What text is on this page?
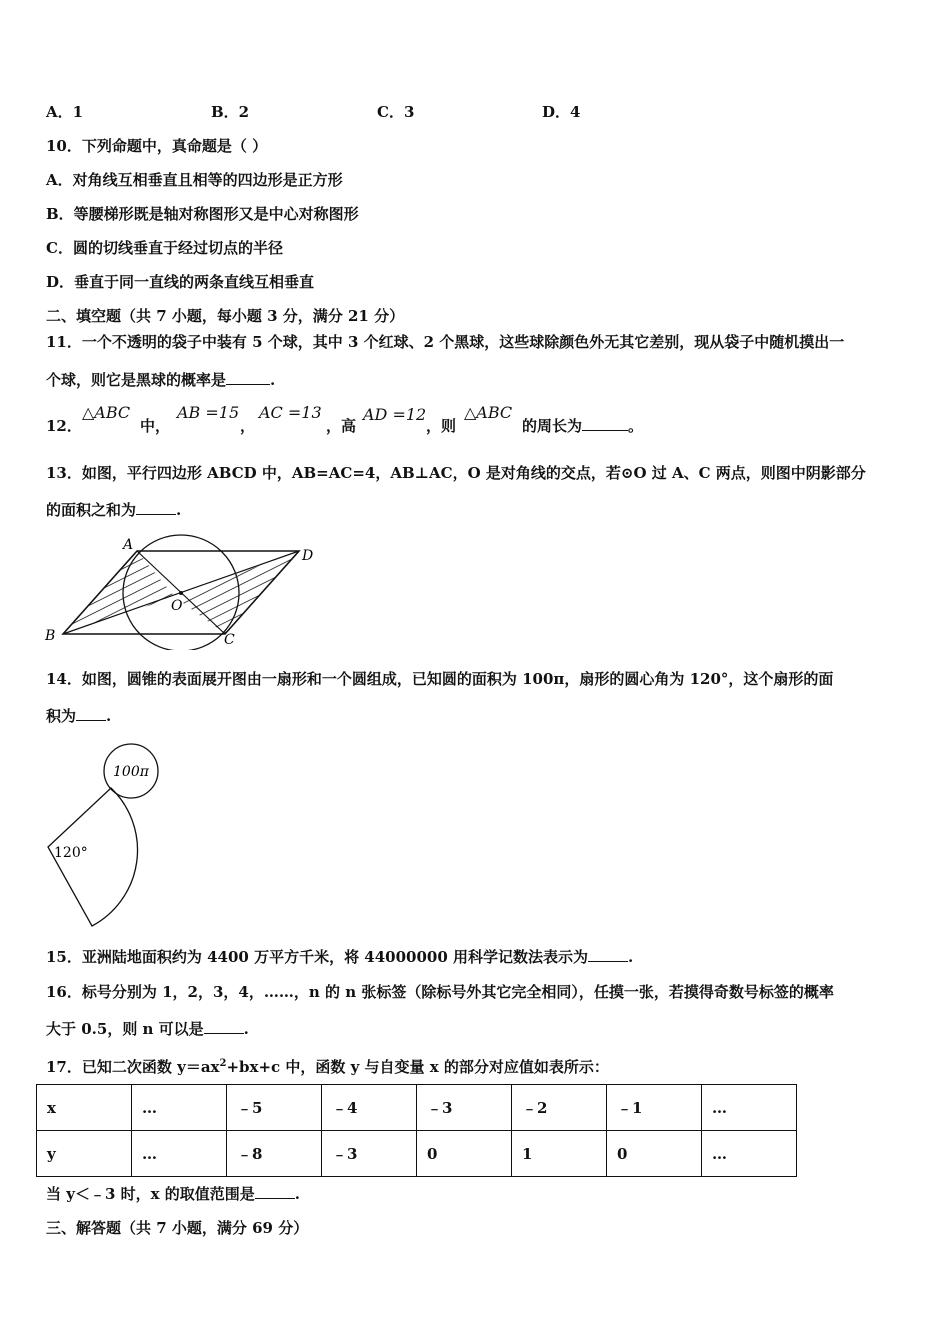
A．1	B．2	C．3	D．4
10．下列命题中，真命题是（ ）
A．对角线互相垂直且相等的四边形是正方形
B．等腰梯形既是轴对称图形又是中心对称图形
C．圆的切线垂直于经过切点的半径
D．垂直于同一直线的两条直线互相垂直
二、填空题（共 7 小题，每小题 3 分，满分 21 分）
11．一个不透明的袋子中装有 5 个球，其中 3 个红球、2 个黑球，这些球除颜色外无其它差别，现从袋子中随机摸出一
个球，则它是黑球的概率是	.
12．
△ABC
中，
AB =15
，
AC =13
，高
AD =12
，则
△ABC
的周长为	。
13．如图，平行四边形 ABCD 中，AB=AC=4，AB⊥AC，O 是对角线的交点，若⊙O 过 A、C 两点，则图中阴影部分
的面积之和为	.
A
B	C
D
O
14．如图，圆锥的表面展开图由一扇形和一个圆组成，已知圆的面积为 100π，扇形的圆心角为 120°，这个扇形的面
积为 .
100π
120°
15．亚洲陆地面积约为 4400 万平方千米，将 44000000 用科学记数法表示为	.
16．标号分别为 1，2，3，4，……，n 的 n 张标签（除标号外其它完全相同），任摸一张，若摸得奇数号标签的概率
大于 0.5，则 n 可以是	.
17．已知二次函数 $y=ax^2+bx+c$ 中，函数 y 与自变量 x 的部分对应值如表所示：
x	…	﹣5	﹣4	﹣3	﹣2	﹣1	…
y	…	﹣8	﹣3	0	1	0	…
当 y＜﹣3 时，x 的取值范围是	.
三、解答题（共 7 小题，满分 69 分）
